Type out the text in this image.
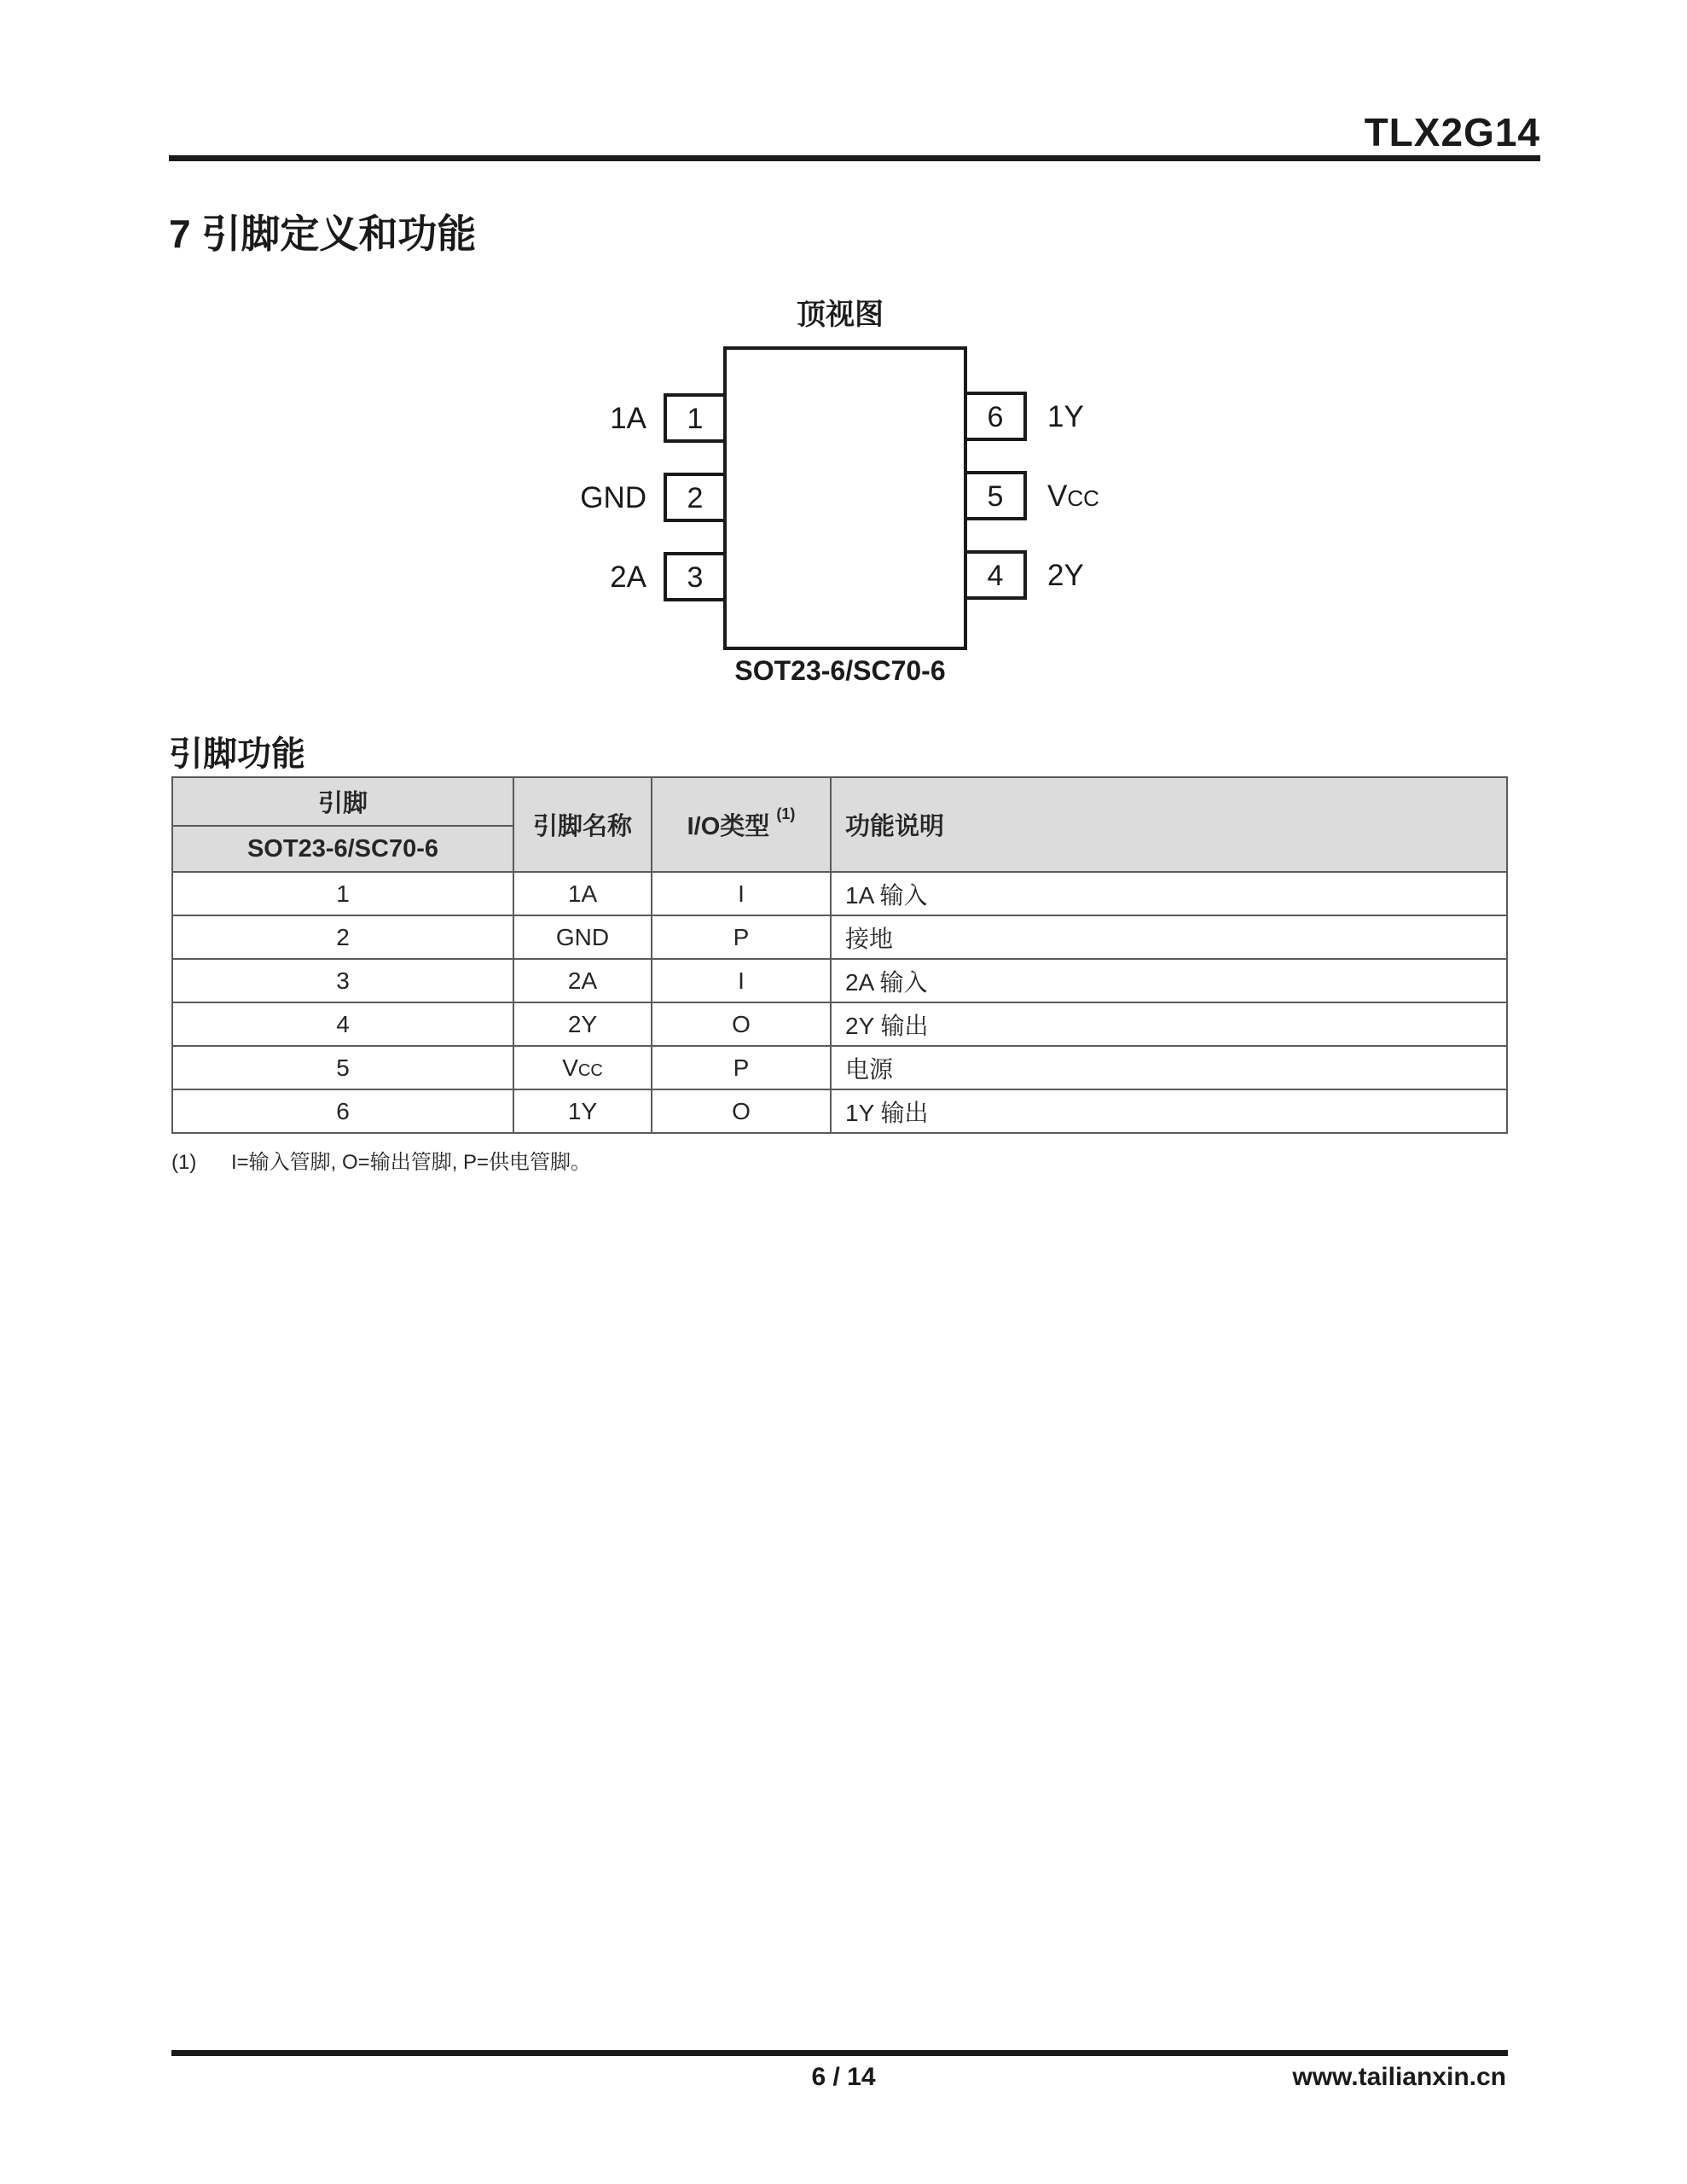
TLX2G14
7 引脚定义和功能
顶视图
1
1A
2
GND
3
2A
6 1Y
5 VCC
4 2Y
SOT23-6/SC70-6
引脚功能
引脚	引脚名称	I/O类型 $^{(1)}$	功能说明
SOT23-6/SC70-6			
1	1A	I	1A 输入
2	GND	P	接地
3	2A	I	2A 输入
4	2Y	O	2Y 输出
5	VCC	P	电源
6	1Y	O	1Y 输出
(1) I=输入管脚, O=输出管脚, P=供电管脚。
6 / 14	www.tailianxin.cn
